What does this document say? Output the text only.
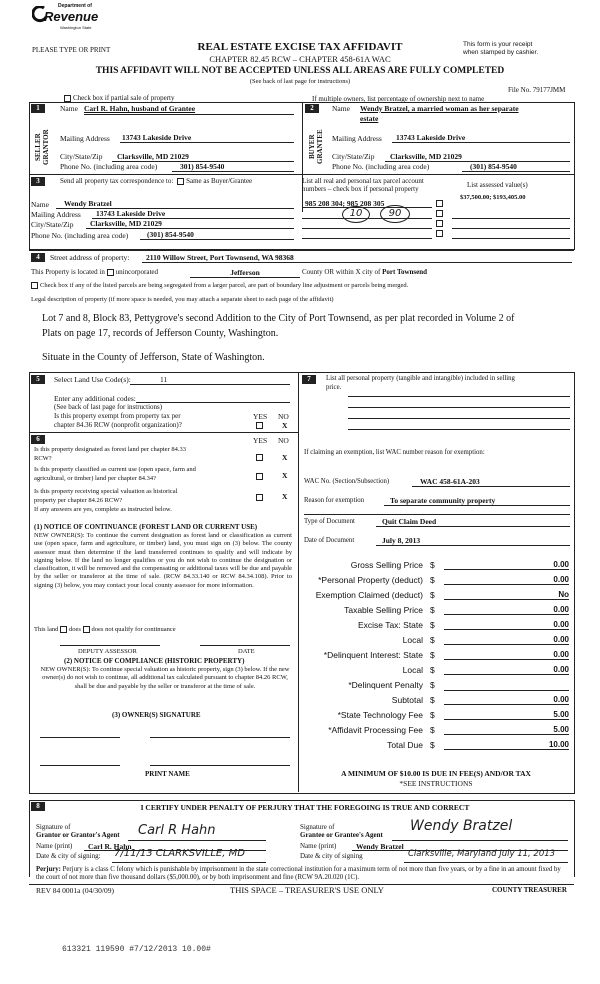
Department of
Revenue
Washington State
PLEASE TYPE OR PRINT	REAL ESTATE EXCISE TAX AFFIDAVIT
CHAPTER 82.45 RCW – CHAPTER 458-61A WAC
THIS AFFIDAVIT WILL NOT BE ACCEPTED UNLESS ALL AREAS ARE FULLY COMPLETED
(See back of last page for instructions)
This form is your receipt
when stamped by cashier.
File No. 79177JMM
Check box if partial sale of property	If multiple owners, list percentage of ownership next to name
1
SELLER GRANTOR
Name Carl R. Hahn, husband of Grantee
Mailing Address 13743 Lakeside Drive
City/State/Zip Clarksville, MD 21029
Phone No. (including area code)	301) 854-9540
2
BUYER GRANTEE
Name Wendy Bratzel, a married woman as her separate
estate
Mailing Address 13743 Lakeside Drive
City/State/Zip Clarksville, MD 21029
Phone No. (including area code)	(301) 854-9540
3	Send all property tax correspondence to: Same as Buyer/Grantee
Name Wendy Bratzel
Mailing Address 13743 Lakeside Drive
City/State/Zip Clarksville, MD 21029
Phone No. (including area code) (301) 854-9540
List all real and personal tax parcel account
numbers – check box if personal property	List assessed value(s)
985 208 304; 985 208 305
$37,500.00; $193,405.00
10	90
4	Street address of property: 2110 Willow Street, Port Townsend, WA 98368
This Property is located in unincorporated	Jefferson	County OR within X city of Port Townsend
Check box if any of the listed parcels are being segregated from a larger parcel, are part of boundary line adjustment or parcels being merged.
Legal description of property (if more space is needed, you may attach a separate sheet to each page of the affidavit)
Lot 7 and 8, Block 83, Pettygrove's second Addition to the City of Port Townsend, as per plat recorded in Volume 2 of
Plats on page 17, records of Jefferson County, Washington.
Situate in the County of Jefferson, State of Washington.
5	Select Land Use Code(s):	11
Enter any additional codes:
(See back of last page for instructions)
Is this property exempt from property tax per
chapter 84.36 RCW (nonprofit organization)?
YES NO
X
6	YES NO
Is this property designated as forest land per chapter 84.33
RCW?	X
Is this property classified as current use (open space, farm and
agricultural, or timber) land per chapter 84.34?	X
Is this property receiving special valuation as historical
property per chapter 84.26 RCW?	X
If any answers are yes, complete as instructed below.
(1) NOTICE OF CONTINUANCE (FOREST LAND OR CURRENT USE)
NEW OWNER(S): To continue the current designation as forest land or classification as current use (open space, farm and agriculture, or timber) land, you must sign on (3) below. The county assessor must then determine if the land transferred continues to qualify and will indicate by signing below. If the land no longer qualifies or you do not wish to continue the designation or classification, it will be removed and the compensating or additional taxes will be due and payable by the seller or transferor at the time of sale. (RCW 84.33.140 or RCW 84.34.108). Prior to signing (3) below, you may contact your local county assessor for more information.
This land does does not qualify for continuance
DEPUTY ASSESSOR	DATE
(2) NOTICE OF COMPLIANCE (HISTORIC PROPERTY)
NEW OWNER(S): To continue special valuation as historic property, sign (3) below. If the new owner(s) do not wish to continue, all additional tax calculated pursuant to chapter 84.26 RCW, shall be due and payable by the seller or transferor at the time of sale.
(3) OWNER(S) SIGNATURE
PRINT NAME
7	List all personal property (tangible and intangible) included in selling
price.
If claiming an exemption, list WAC number reason for exemption:
WAC No. (Section/Subsection)	WAC 458-61A-203
Reason for exemption	To separate community property
Type of Document	Quit Claim Deed
Date of Document	July 8, 2013
Gross Selling Price $	0.00
*Personal Property (deduct) $	0.00
Exemption Claimed (deduct) $	No
Taxable Selling Price $	0.00
Excise Tax: State $	0.00
Local $	0.00
*Delinquent Interest: State $	0.00
Local $	0.00
*Delinquent Penalty $
Subtotal $	0.00
*State Technology Fee $	5.00
*Affidavit Processing Fee $	5.00
Total Due $	10.00
A MINIMUM OF $10.00 IS DUE IN FEE(S) AND/OR TAX
*SEE INSTRUCTIONS
8	I CERTIFY UNDER PENALTY OF PERJURY THAT THE FOREGOING IS TRUE AND CORRECT
Signature of
Grantor or Grantor's Agent Carl R Hahn
Name (print) Carl R. Hahn
Date & city of signing: 7/11/13 CLARKSVILLE, MD
Signature of
Grantee or Grantee's Agent
Wendy Bratzel
Name (print)	Wendy Bratzel
Date & city of signing	Clarksville, Maryland July 11, 2013
Perjury: Perjury is a class C felony which is punishable by imprisonment in the state correctional institution for a maximum term of not more than five years, or by a fine in an amount fixed by the court of not more than five thousand dollars ($5,000.00), or by both imprisonment and fine (RCW 9A.20.020 (1C).
REV 84 0001a (04/30/09)	THIS SPACE – TREASURER'S USE ONLY	COUNTY TREASURER
613321 119590 #7/12/2013 10.00#
